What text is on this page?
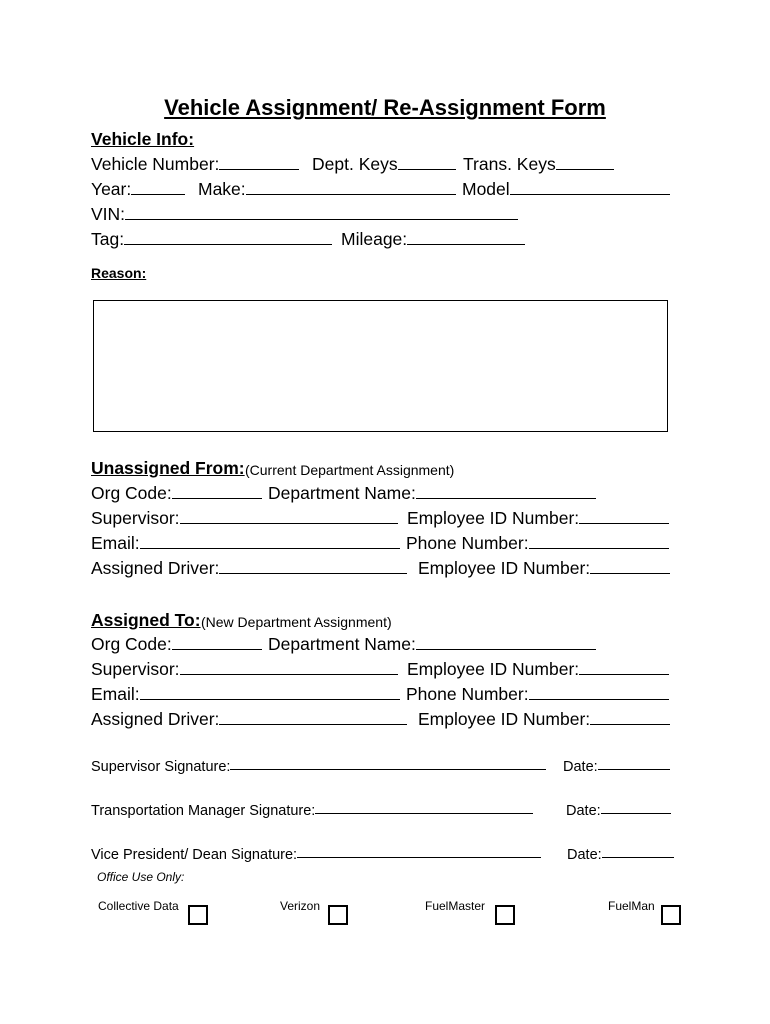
Vehicle Assignment/ Re-Assignment Form
Vehicle Info:
Vehicle Number:	Dept. Keys	Trans. Keys
Year:	Make:	Model
VIN:
Tag:	Mileage:
Reason:
Unassigned From: (Current Department Assignment)
Org Code:	Department Name:
Supervisor:	Employee ID Number:
Email:	Phone Number:
Assigned Driver:	Employee ID Number:
Assigned To: (New Department Assignment)
Org Code:	Department Name:
Supervisor:	Employee ID Number:
Email:	Phone Number:
Assigned Driver:	Employee ID Number:
Supervisor Signature:	Date:
Transportation Manager Signature:	Date:
Vice President/ Dean Signature:	Date:
Office Use Only:
Collective Data	Verizon	FuelMaster	FuelMan
